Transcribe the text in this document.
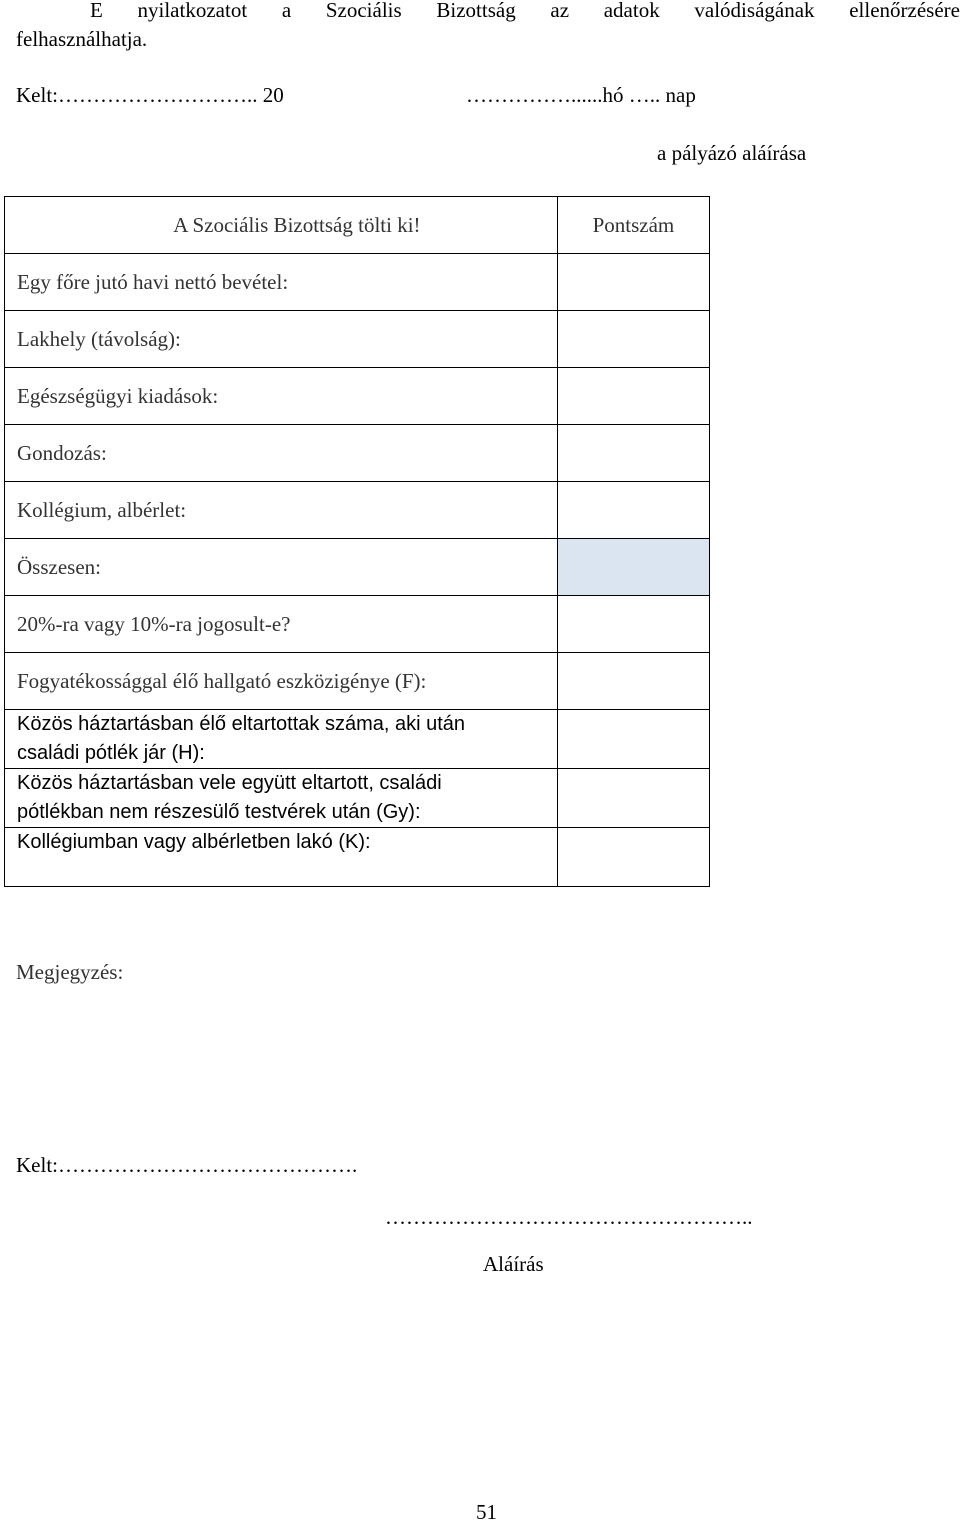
E nyilatkozatot a Szociális Bizottság az adatok valódiságának ellenőrzésére
felhasználhatja.
Kelt:……………………….. 20	……………......hó ….. nap
a pályázó aláírása
A Szociális Bizottság tölti ki!	Pontszám
Egy főre jutó havi nettó bevétel:	
Lakhely (távolság):	
Egészségügyi kiadások:	
Gondozás:	
Kollégium, albérlet:	
Összesen:	
20%-ra vagy 10%-ra jogosult-e?	
Fogyatékossággal élő hallgató eszközigénye (F):	

Közös háztartásban élő eltartottak száma, aki után
családi pótlék jár (H):	

Közös háztartásban vele együtt eltartott, családi
pótlékban nem részesülő testvérek után (Gy):	

Kollégiumban vagy albérletben lakó (K):	

Megjegyzés:
Kelt:…………………………………….
……………………………………………..
Aláírás
51
